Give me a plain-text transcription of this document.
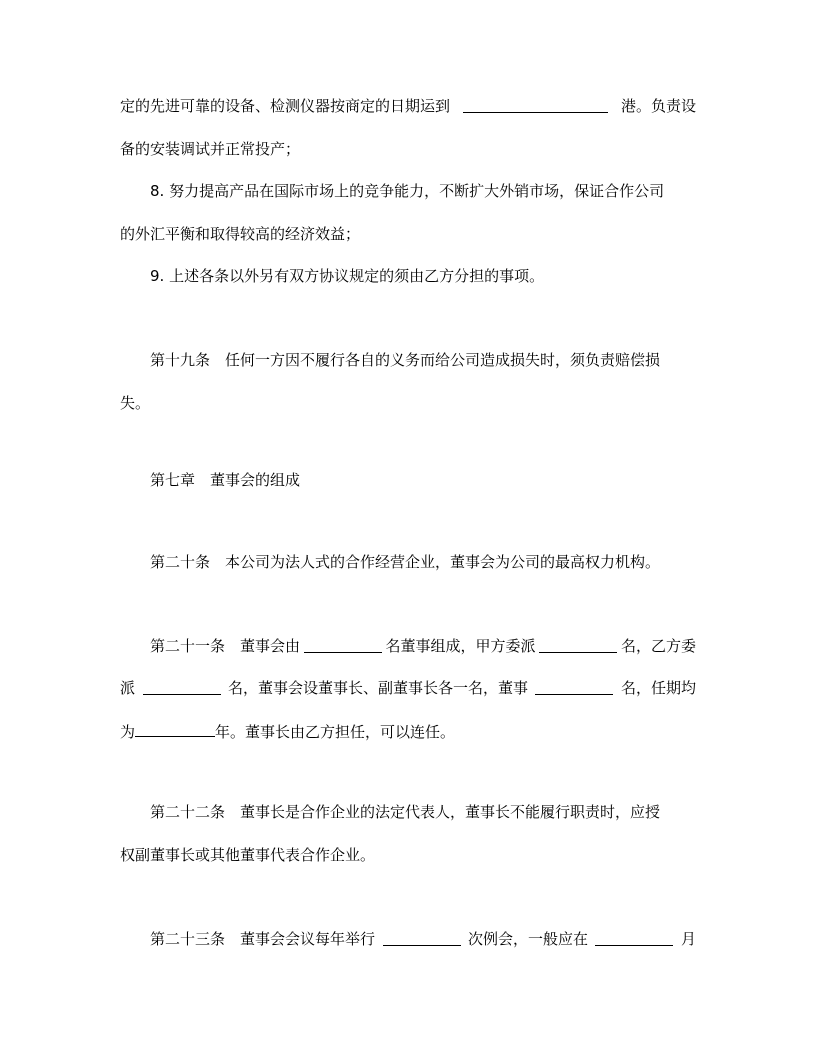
定的先进可靠的设备、检测仪器按商定的日期运到	港。负责设
备的安装调试并正常投产；
8. 努力提高产品在国际市场上的竞争能力，不断扩大外销市场，保证合作公司
的外汇平衡和取得较高的经济效益；
9. 上述各条以外另有双方协议规定的须由乙方分担的事项。
第十九条　任何一方因不履行各自的义务而给公司造成损失时，须负责赔偿损
失。
第七章　董事会的组成
第二十条　本公司为法人式的合作经营企业，董事会为公司的最高权力机构。
第二十一条　董事会由	名董事组成，甲方委派	名，乙方委
派	名，董事会设董事长、副董事长各一名，董事	名，任期均
为	年。董事长由乙方担任，可以连任。
第二十二条　董事长是合作企业的法定代表人，董事长不能履行职责时，应授
权副董事长或其他董事代表合作企业。
第二十三条　董事会会议每年举行	次例会，一般应在	月
